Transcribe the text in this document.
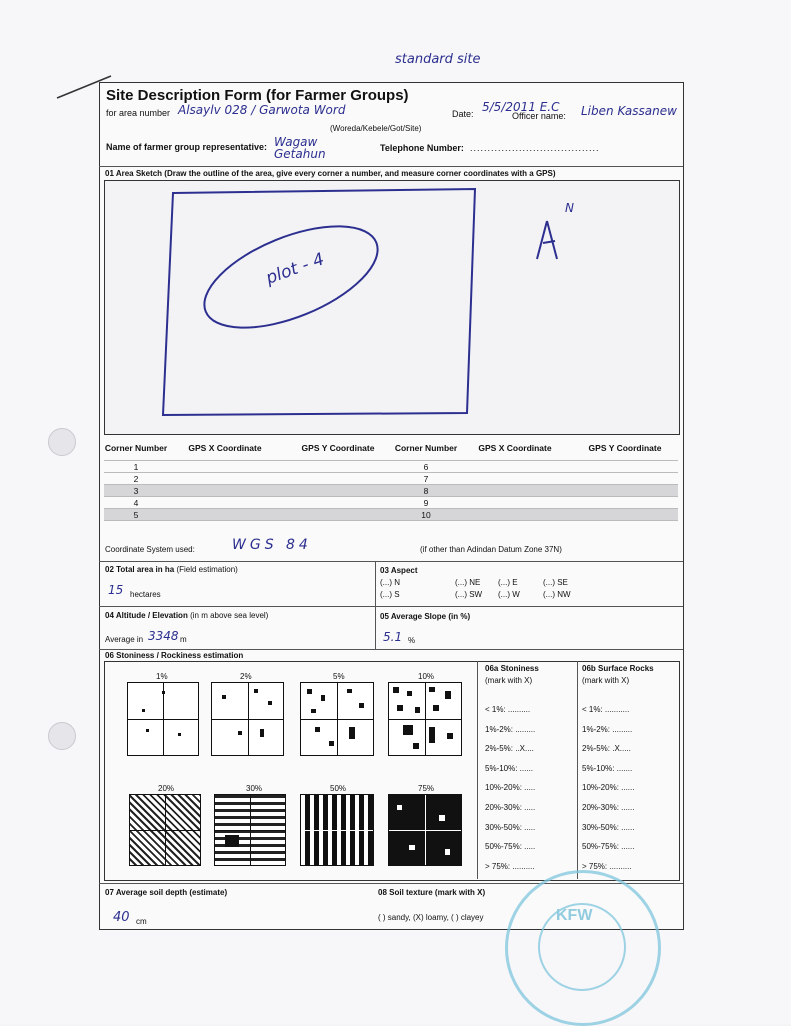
standard site
Site Description Form (for Farmer Groups)
for area number Alsaylv 028 / Garwota Word	Date: 5/5/2011 E.C
Officer name: Liben Kassanew
(Woreda/Kebele/Got/Site)
Name of farmer group representative: Wagaw Getahun	Telephone Number: .....................................
01 Area Sketch (Draw the outline of the area, give every corner a number, and measure corner coordinates with a GPS)
plot - 4
N
Corner Number	GPS X Coordinate	GPS Y Coordinate	Corner Number	GPS X Coordinate	GPS Y Coordinate
1			6		
2			7		
3			8		
4			9		
5			10		
Coordinate System used:	WGS 84	(if other than Adindan Datum Zone 37N)
02 Total area in ha (Field estimation)
15 hectares
03 Aspect
(...) N	(...) NE (...) E	(...) SE
(...) S	(...) SW (...) W	(...) NW
04 Altitude / Elevation (in m above sea level)
Average in 3348 m
05 Average Slope (in %)
5.1 %
06 Stoniness / Rockiness estimation
1%	2%	5%	10%
20%	30%	50%	75%
06a Stoniness
(mark with X)
06b Surface Rocks
(mark with X)
< 1%: ..........	< 1%: ...........
1%-2%: .........	1%-2%: .........
2%-5%: ..X....	2%-5%: .X.....
5%-10%: ......	5%-10%: .......
10%-20%: .....	10%-20%: ......
20%-30%: .....	20%-30%: ......
30%-50%: .....	30%-50%: ......
50%-75%: .....	50%-75%: ......
> 75%: ..........	> 75%: ..........
07 Average soil depth (estimate)
40 cm
08 Soil texture (mark with X)
( ) sandy, (X) loamy, ( ) clayey	KFW
